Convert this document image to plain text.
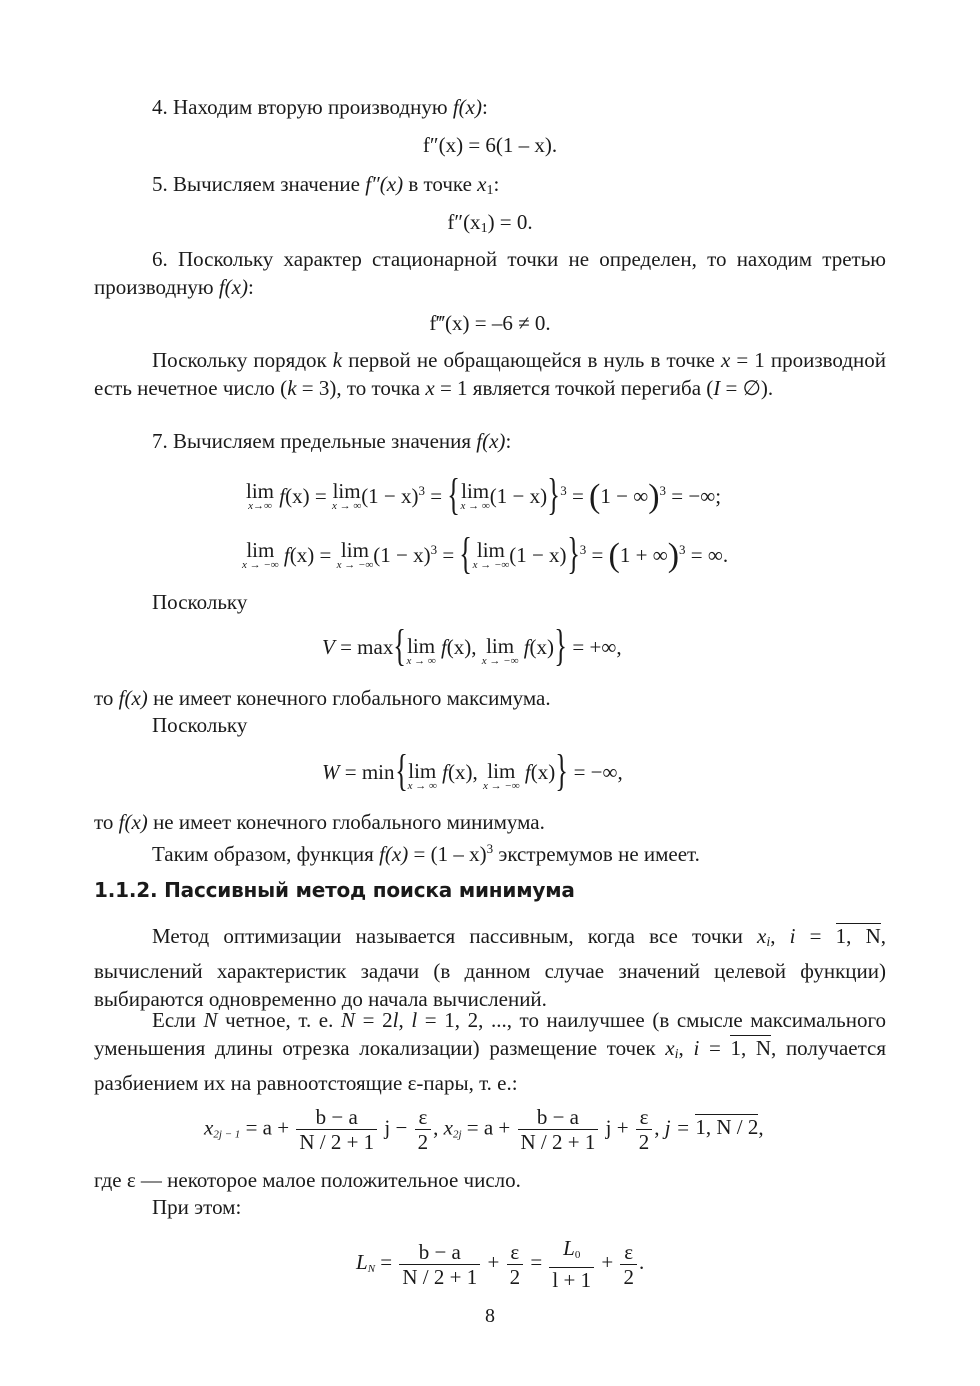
4. Находим вторую производную f(x):

f″(x) = 6(1 – x).

5. Вычисляем значение f″(x) в точке $x_1$:

$f''(x_1) = 0$.

6. Поскольку характер стационарной точки не определен, то находим третью производную f(x):

f‴(x) = –6 ≠ 0.

Поскольку порядок k первой не обращающейся в нуль в точке x = 1 производной есть нечетное число (k = 3), то точка x = 1 является точкой перегиба (I = ∅).

7. Вычисляем предельные значения f(x):

lim
x→∞ f(x) = lim
x → ∞ $(1 - x)^3 = \{\lim$
x → ∞ (1 − x)}$^3$ = (1 − ∞)$^3$ = −∞;
lim
x → −∞ f(x) = lim
x → −∞ $(1 - x)^3$ = { lim
x → −∞ (1 − x)}$^3$ = (1 + ∞)$^3$ = ∞.

Поскольку

V = max{lim
x → ∞
f(x), lim
x → −∞
f(x)} = +∞,

то f(x) не имеет конечного глобального максимума.

Поскольку

W = min{lim
x → ∞
f(x), lim
x → −∞
f(x)} = −∞,

то f(x) не имеет конечного глобального минимума.

Таким образом, функция f(x) = (1 – x)$^3$ экстремумов не имеет.

1.1.2. Пассивный метод поиска минимума

Метод оптимизации называется пассивным, когда все точки $x_i$, i = 1, N, вычислений характеристик задачи (в данном случае значений целевой функции) выбираются одновременно до начала вычислений.

Если N четное, т. е. N = 2l, l = 1, 2, ..., то наилучшее (в смысле максимального уменьшения длины отрезка локализации) размещение точек $x_i$, i = 1, N, получается разбиением их на равноотстоящие ε-пары, т. е.:

$x_{2j - 1} = a + \frac{b - a}{N / 2 + 1}$ $j - \frac{\varepsilon}{2}$ , $x_{2j} = a + \frac{b - a}{N / 2 + 1}$ $j + \frac{\varepsilon}{2}$ , j = 1, N / 2,

где ε — некоторое малое положительное число.

При этом:

$L_N = \frac{b - a}{N / 2 + 1} + \frac{\varepsilon}{2} = \frac{L_0}{l + 1} + \frac{\varepsilon}{2}$ .
8
